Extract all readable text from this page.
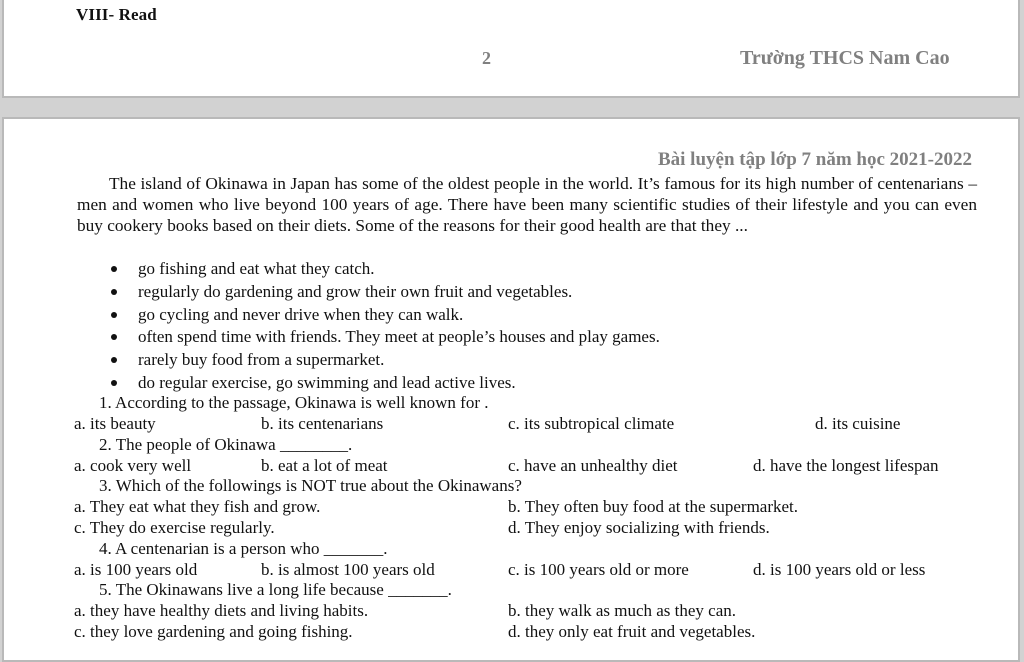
VIII- Read
2	Trường THCS Nam Cao
Bài luyện tập lớp 7 năm học 2021-2022

The island of Okinawa in Japan has some of the oldest people in the world. It’s famous for its high number of centenarians – men and women who live beyond 100 years of age. There have been many scientific studies of their lifestyle and you can even buy cookery books based on their diets. Some of the reasons for their good health are that they ...

go fishing and eat what they catch.
regularly do gardening and grow their own fruit and vegetables.
go cycling and never drive when they can walk.
often spend time with friends. They meet at people’s houses and play games.
rarely buy food from a supermarket.
do regular exercise, go swimming and lead active lives.
1. According to the passage, Okinawa is well known for .
a. its beauty	b. its centenarians	c. its subtropical climate	d. its cuisine
2. The people of Okinawa ________.
a. cook very well	b. eat a lot of meat	c. have an unhealthy diet	d. have the longest lifespan
3. Which of the followings is NOT true about the Okinawans?
a. They eat what they fish and grow.	b. They often buy food at the supermarket.
c. They do exercise regularly.	d. They enjoy socializing with friends.
4. A centenarian is a person who _______.
a. is 100 years old	b. is almost 100 years old	c. is 100 years old or more	d. is 100 years old or less
5. The Okinawans live a long life because _______.
a. they have healthy diets and living habits.	b. they walk as much as they can.
c. they love gardening and going fishing.	d. they only eat fruit and vegetables.
